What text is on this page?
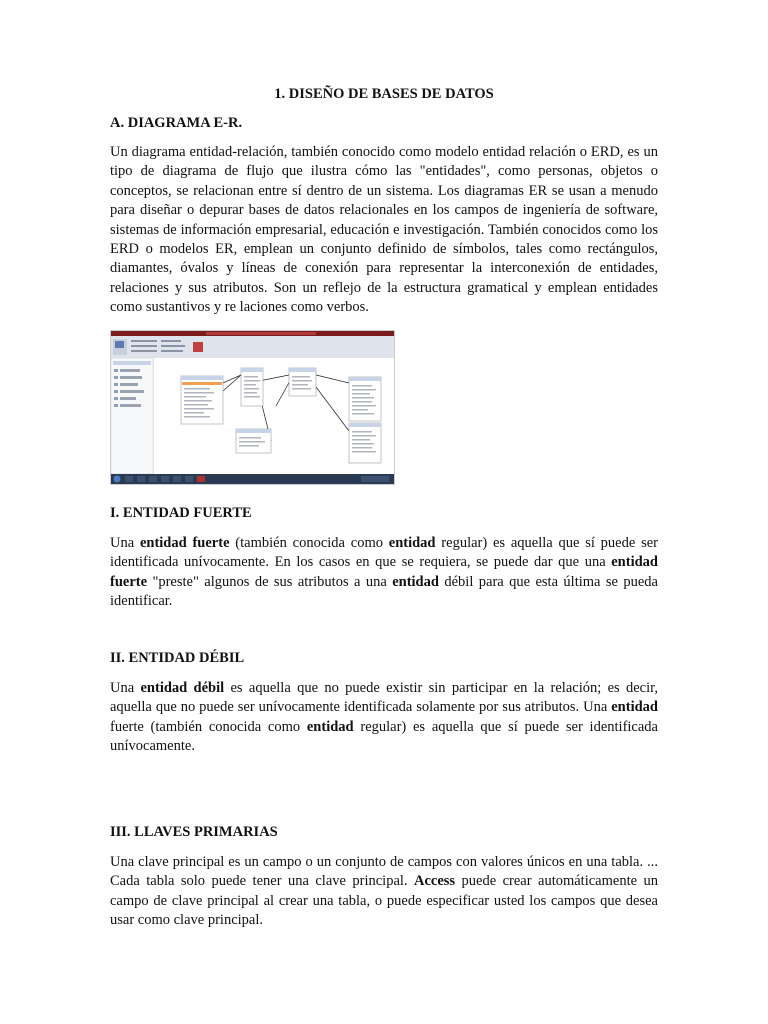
1. DISEÑO DE BASES DE DATOS
A. DIAGRAMA E-R.
Un diagrama entidad-relación, también conocido como modelo entidad relación o ERD, es un tipo de diagrama de flujo que ilustra cómo las "entidades", como personas, objetos o conceptos, se relacionan entre sí dentro de un sistema. Los diagramas ER se usan a menudo para diseñar o depurar bases de datos relacionales en los campos de ingeniería de software, sistemas de información empresarial, educación e investigación. También conocidos como los ERD o modelos ER, emplean un conjunto definido de símbolos, tales como rectángulos, diamantes, óvalos y líneas de conexión para representar la interconexión de entidades, relaciones y sus atributos. Son un reflejo de la estructura gramatical y emplean entidades como sustantivos y re laciones como verbos.
I. ENTIDAD FUERTE
Una entidad fuerte (también conocida como entidad regular) es aquella que sí puede ser identificada unívocamente. En los casos en que se requiera, se puede dar que una entidad fuerte "preste" algunos de sus atributos a una entidad débil para que esta última se pueda identificar.
II. ENTIDAD DÉBIL
Una entidad débil es aquella que no puede existir sin participar en la relación; es decir, aquella que no puede ser unívocamente identificada solamente por sus atributos. Una entidad fuerte (también conocida como entidad regular) es aquella que sí puede ser identificada unívocamente.
III. LLAVES PRIMARIAS
Una clave principal es un campo o un conjunto de campos con valores únicos en una tabla. ... Cada tabla solo puede tener una clave principal. Access puede crear automáticamente un campo de clave principal al crear una tabla, o puede especificar usted los campos que desea usar como clave principal.
